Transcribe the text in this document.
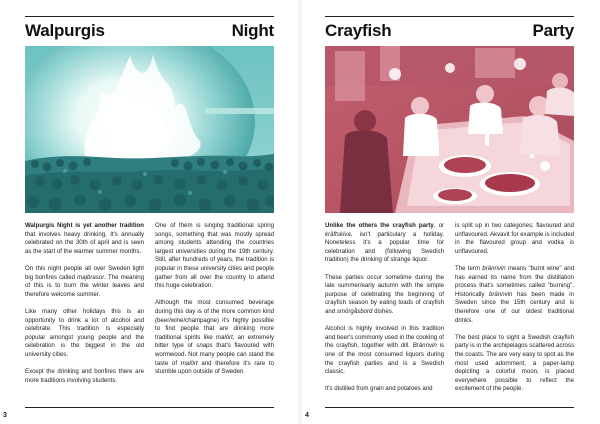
Walpurgis	Night

Walpurgis Night is yet another tradition that involves heavy drinking. It's annually celebrated on the 30th of april and is seen as the start of the warmer summer months.

On this night people all over Sweden light big bonfires called majbrasor. The meaning of this is to burn the winter leaves and therefore welcome summer.

Like many other holidays this is an opportunity to drink a lot of alcohol and celebrate. This tradition is especially popular amongst young people and the celebration is the biggest in the old university cities.

Except the drinking and bonfires there are more traditions involving students.

One of them is singing traditional spring songs, something that was mostly spread among students attending the countries largest universities during the 19th century. Still, after hundreds of years, the tradition is popular in these university cities and people gather from all over the country to attend this huge celebration.

Although the most consumed beverage during this day is of the more common kind (beer/wine/champagne) it's highly possible to find people that are drinking more traditional spirits like malört, an extremely bitter type of snaps that's flavoured with wormwood. Not many people can stand the taste of malört and therefore it's rare to stumble upon outside of Sweden.

3
Crayfish	Party

Unlike the others the crayfish party, or kräftskiva, isn't particulary a holiday. Noneteless it's a popular time for celebration and (following Swedish tradition) the drinking of strange liquor.

These parties occur sometime during the late summer/early autumn with the simple purpose of celebrating the beginning of crayfish season by eating loads of crayfish and smörgåsbord dishes.

Alcohol is highly involved in this tradition and beer's commonly used in the cooking of the crayfish, together with dill. Brännvin is one of the most consumed liquors during the crayfish parties and is a Swedish classic.

It's distilled from grain and potatoes and

is split up in two categories; flavoured and unflavoured. Akvavit for example is included in the flavoured group and vodka is unflavoured.

The term brännvin means "burnt wine" and has earned its name from the distillation process that's sometimes called "burning". Historically brännvin has been made in Sweden since the 15th century and is therefore one of our oldest traditional drinks.

The best place to sight a Swedish crayfish party is in the archipelagos scattered across the coasts. The are very easy to spot as the most used adornment, a paper-lamp depicting a colorful moon, is placed everywhere possible to reflect the excitement of the people.

4
